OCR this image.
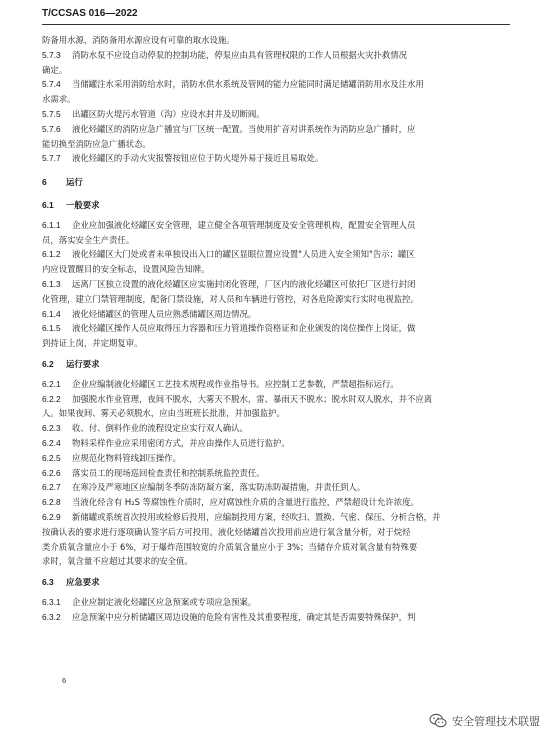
T/CCSAS 016—2022
防备用水源，消防备用水源应设有可靠的取水设施。
5.7.3 消防水泵不应设自动停泵的控制功能，停泵应由具有管理权限的工作人员根据火灾扑救情况
确定。
5.7.4 当储罐注水采用消防给水时，消防水供水系统及管网的能力应能同时满足储罐消防用水及注水用
水需求。
5.7.5 出罐区防火堤污水管道（沟）应设水封井及切断阀。
5.7.6 液化烃罐区的消防应急广播宜与厂区统一配置。当使用扩音对讲系统作为消防应急广播时，应
能切换至消防应急广播状态。
5.7.7 液化烃罐区的手动火灾报警按钮应位于防火堤外易于接近且易取处。
6 运行
6.1 一般要求
6.1.1 企业应加强液化烃罐区安全管理，建立健全各项管理制度及安全管理机构，配置安全管理人员
员，落实安全生产责任。
6.1.2 液化烃罐区大门处或者未单独设出入口的罐区显眼位置应设置"人员进入安全须知"告示；罐区
内应设置醒目的安全标志，设置风险告知牌。
6.1.3 远离厂区独立设置的液化烃罐区应实施封闭化管理，厂区内的液化烃罐区可依托厂区进行封闭
化管理，建立门禁管理制度，配备门禁设施，对人员和车辆进行管控，对各危险源实行实时电视监控。
6.1.4 液化烃储罐区的管理人员应熟悉储罐区周边情况。
6.1.5 液化烃罐区操作人员应取得压力容器和压力管道操作资格证和企业颁发的岗位操作上岗证，做
到持证上岗，并定期复审。
6.2 运行要求
6.2.1 企业应编制液化烃罐区工艺技术规程或作业指导书。应控制工艺参数，严禁超指标运行。
6.2.2 加强脱水作业管理，夜间不脱水，大雾天不脱水，雷、暴雨天不脱水；脱水时双人脱水，并不应离
人。如果夜间、雾天必须脱水，应由当班班长批准，并加强监护。
6.2.3 收、付、倒料作业的流程设定应实行双人确认。
6.2.4 物料采样作业应采用密闭方式，并应由操作人员进行监护。
6.2.5 应规范化物料管线卸压操作。
6.2.6 落实员工的现场巡回检查责任和控制系统监控责任。
6.2.7 在寒冷及严寒地区应编制冬季防冻防凝方案，落实防冻防凝措施，并责任到人。
6.2.8 当液化烃含有 H₂S 等腐蚀性介质时，应对腐蚀性介质的含量进行监控，严禁超设计允许浓度。
6.2.9 新储罐或系统首次投用或检修后投用，应编制投用方案，经吹扫、置换、气密、保压、分析合格，并
按确认表的要求进行逐项确认签字后方可投用。液化烃储罐首次投用前应进行氧含量分析，对于烷烃
类介质氧含量应小于 6%，对于爆炸范围较宽的介质氧含量应小于 3%；当储存介质对氧含量有特殊要
求时，氧含量不应超过其要求的安全值。
6.3 应急要求
6.3.1 企业应制定液化烃罐区应急预案或专项应急预案。
6.3.2 应急预案中应分析储罐区周边设施的危险有害性及其重要程度，确定其是否需要特殊保护，判
6
安全管理技术联盟
